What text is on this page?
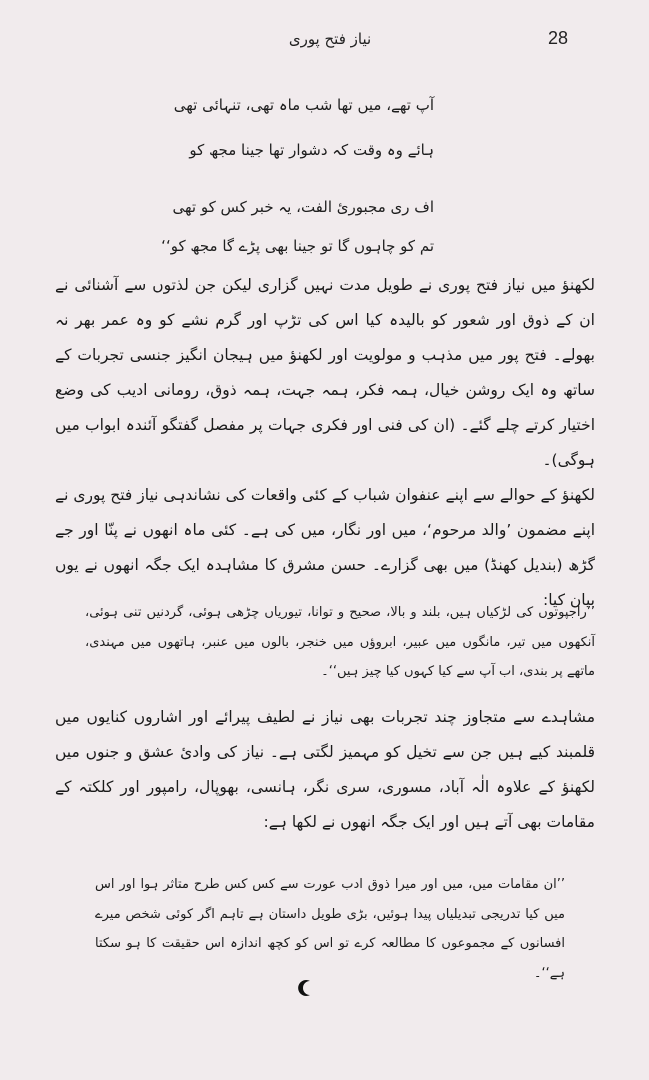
28
نیاز فتح پوری
آپ تھے، میں تھا شب ماہ تھی، تنہائی تھی
ہائے وہ وقت کہ دشوار تھا جینا مجھ کو
اف ری مجبوریٔ الفت، یہ خبر کس کو تھی
تم کو چاہوں گا تو جینا بھی پڑے گا مجھ کو‘‘
لکھنؤ میں نیاز فتح پوری نے طویل مدت نہیں گزاری لیکن جن لذتوں سے آشنائی نے ان کے ذوق اور شعور کو بالیدہ کیا اس کی تڑپ اور گرم نشے کو وہ عمر بھر نہ بھولے۔ فتح پور میں مذہب و مولویت اور لکھنؤ میں ہیجان انگیز جنسی تجربات کے ساتھ وہ ایک روشن خیال، ہمہ فکر، ہمہ جہت، ہمہ ذوق، رومانی ادیب کی وضع اختیار کرتے چلے گئے۔ (ان کی فنی اور فکری جہات پر مفصل گفتگو آئندہ ابواب میں ہوگی)۔
لکھنؤ کے حوالے سے اپنے عنفوان شباب کے کئی واقعات کی نشاندہی نیاز فتح پوری نے اپنے مضمون ’والد مرحوم‘، میں اور نگار، میں کی ہے۔ کئی ماہ انھوں نے پنّا اور جے گڑھ (بندیل کھنڈ) میں بھی گزارے۔ حسن مشرق کا مشاہدہ ایک جگہ انھوں نے یوں بیان کیا:
’’راجپوتوں کی لڑکیاں ہیں، بلند و بالا، صحیح و توانا، تیوریاں چڑھی ہوئی، گردنیں تنی ہوئی، آنکھوں میں تیر، مانگوں میں عبیر، ابروؤں میں خنجر، بالوں میں عنبر، ہاتھوں میں مہندی، ماتھے پر بندی، اب آپ سے کیا کہوں کیا چیز ہیں‘‘۔
مشاہدے سے متجاوز چند تجربات بھی نیاز نے لطیف پیرائے اور اشاروں کنایوں میں قلمبند کیے ہیں جن سے تخیل کو مہمیز لگتی ہے۔ نیاز کی وادیٔ عشق و جنوں میں لکھنؤ کے علاوہ الٰہ آباد، مسوری، سری نگر، ہانسی، بھوپال، رامپور اور کلکتہ کے مقامات بھی آتے ہیں اور ایک جگہ انھوں نے لکھا ہے:
’’ان مقامات میں، میں اور میرا ذوق ادب عورت سے کس کس طرح متاثر ہوا اور اس میں کیا تدریجی تبدیلیاں پیدا ہوئیں، بڑی طویل داستان ہے تاہم اگر کوئی شخص میرے افسانوں کے مجموعوں کا مطالعہ کرے تو اس کو کچھ اندازہ اس حقیقت کا ہو سکتا ہے‘‘۔
